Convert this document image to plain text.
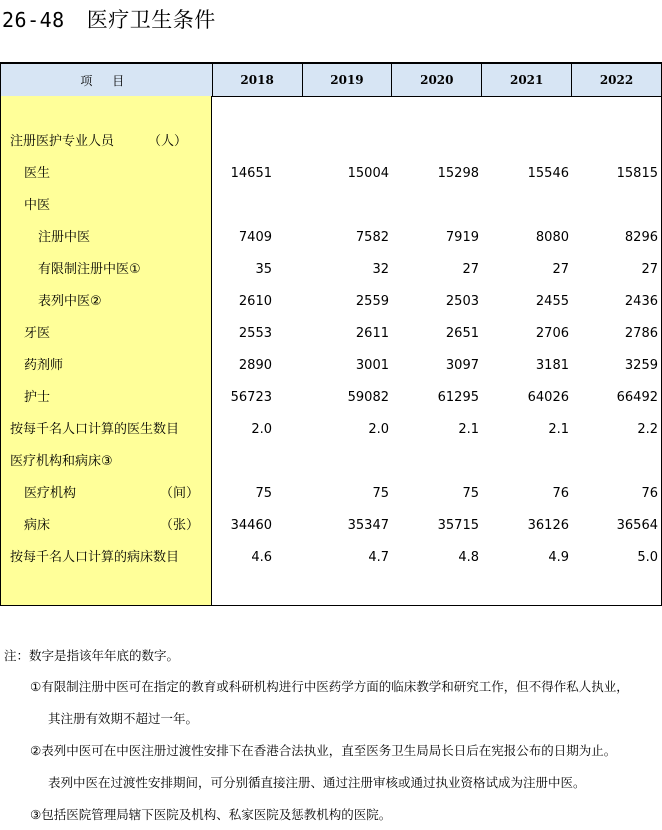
26-48 医疗卫生条件
项 目	2018	2019	2020	2021	2022
注册医护专业人员	（人）
医生	14651	15004	15298	15546	15815
中医
注册中医	7409	7582	7919	8080	8296
有限制注册中医①	35	32	27	27	27
表列中医②	2610	2559	2503	2455	2436
牙医	2553	2611	2651	2706	2786
药剂师	2890	3001	3097	3181	3259
护士	56723	59082	61295	64026	66492
按每千名人口计算的医生数目	2.0	2.0	2.1	2.1	2.2
医疗机构和病床③
医疗机构	（间）	75	75	75	76	76
病床	（张）	34460	35347	35715	36126	36564
按每千名人口计算的病床数目	4.6	4.7	4.8	4.9	5.0
注：数字是指该年年底的数字。
①有限制注册中医可在指定的教育或科研机构进行中医药学方面的临床教学和研究工作，但不得作私人执业，
其注册有效期不超过一年。
②表列中医可在中医注册过渡性安排下在香港合法执业，直至医务卫生局局长日后在宪报公布的日期为止。
表列中医在过渡性安排期间，可分别循直接注册、通过注册审核或通过执业资格试成为注册中医。
③包括医院管理局辖下医院及机构、私家医院及惩教机构的医院。
